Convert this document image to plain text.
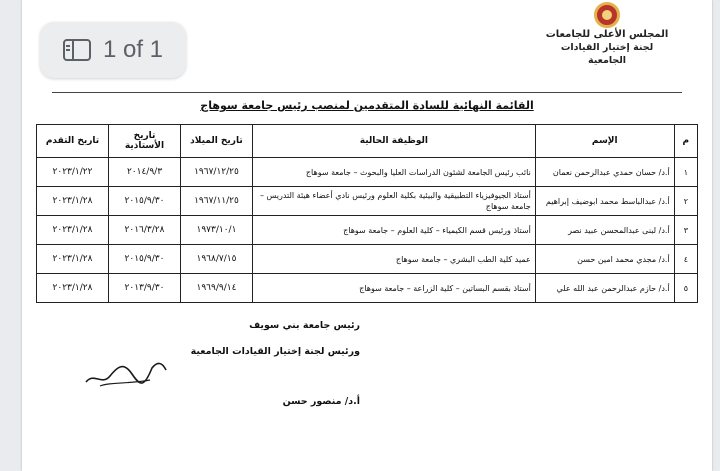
المجلس الأعلى للجامعات
لجنة إختيار القيادات الجامعية
القائمة النهائية للسادة المتقدمين لمنصب رئيس جامعة سوهاج
1 of 1
م	الإسم	الوظيفة الحالية	تاريخ الميلاد	تاريخ الأستاذية	تاريخ التقدم
١	أ.د/ حسان حمدي عبدالرحمن نعمان	نائب رئيس الجامعة لشئون الدراسات العليا والبحوث – جامعة سوهاج	١٩٦٧/١٢/٢٥	٢٠١٤/٩/٣	٢٠٢٣/١/٢٢
٢	أ.د/ عبدالباسط محمد ابوضيف إبراهيم	أستاذ الجيوفيزياء التطبيقية والبيئية بكلية العلوم ورئيس نادي أعضاء هيئة التدريس – جامعة سوهاج	١٩٦٧/١١/٢٥	٢٠١٥/٩/٣٠	٢٠٢٣/١/٢٨
٣	أ.د/ لبنى عبدالمحسن عبيد نصر	أستاذ ورئيس قسم الكيمياء – كلية العلوم – جامعة سوهاج	١٩٧٣/١٠/١	٢٠١٦/٣/٢٨	٢٠٢٣/١/٢٨
٤	أ.د/ مجدي محمد امين حسن	عميد كلية الطب البشري – جامعة سوهاج	١٩٦٨/٧/١٥	٢٠١٥/٩/٣٠	٢٠٢٣/١/٢٨
٥	أ.د/ حازم عبدالرحمن عبد الله علي	أستاذ بقسم البساتين – كلية الزراعة – جامعة سوهاج	١٩٦٩/٩/١٤	٢٠١٣/٩/٣٠	٢٠٢٣/١/٢٨
رئيس جامعة بني سويف
ورئيس لجنة إختيار القيادات الجامعية
أ.د/ منصور حسن
